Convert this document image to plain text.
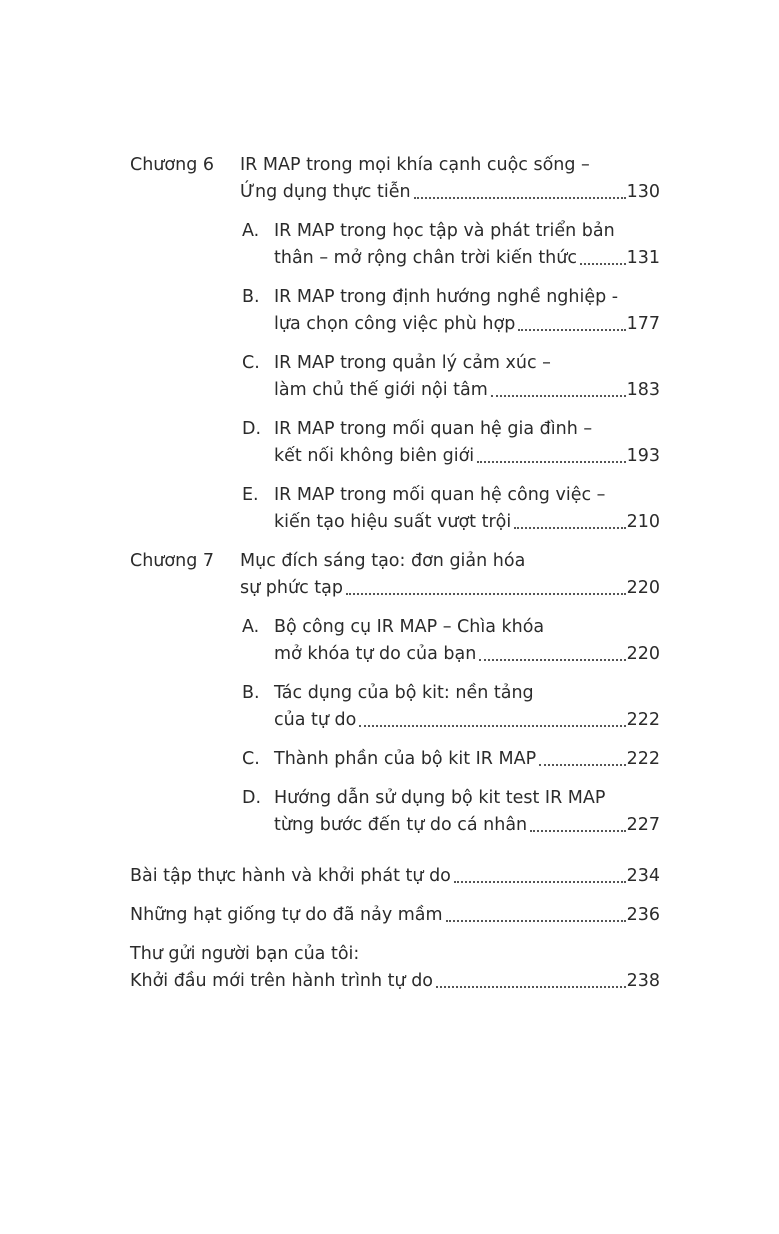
Chương 6 IR MAP trong mọi khía cạnh cuộc sống –
Ứng dụng thực tiễn	130
A. IR MAP trong học tập và phát triển bản
thân – mở rộng chân trời kiến thức	131
B. IR MAP trong định hướng nghề nghiệp -
lựa chọn công việc phù hợp	177
C. IR MAP trong quản lý cảm xúc –
làm chủ thế giới nội tâm	183
D. IR MAP trong mối quan hệ gia đình –
kết nối không biên giới	193
E. IR MAP trong mối quan hệ công việc –
kiến tạo hiệu suất vượt trội	210
Chương 7 Mục đích sáng tạo: đơn giản hóa
sự phức tạp	220
A. Bộ công cụ IR MAP – Chìa khóa
mở khóa tự do của bạn	220
B. Tác dụng của bộ kit: nền tảng
của tự do	222
C. Thành phần của bộ kit IR MAP	222
D. Hướng dẫn sử dụng bộ kit test IR MAP
từng bước đến tự do cá nhân	227
Bài tập thực hành và khởi phát tự do	234
Những hạt giống tự do đã nảy mầm	236
Thư gửi người bạn của tôi:
Khởi đầu mới trên hành trình tự do	238
